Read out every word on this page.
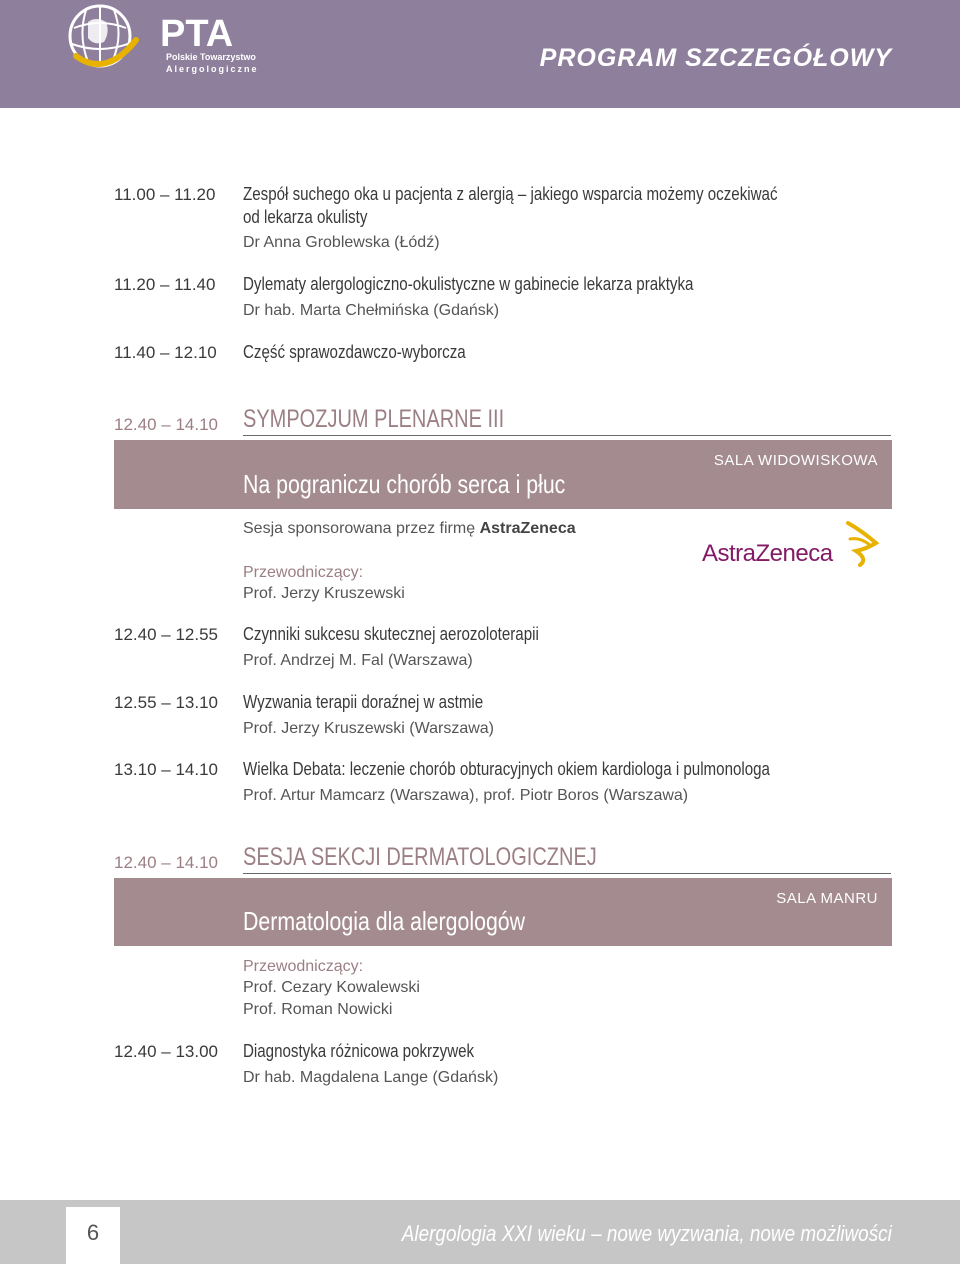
PTA
Polskie Towarzystwo
Alergologiczne	PROGRAM SZCZEGÓŁOWY
11.00 – 11.20 Zespół suchego oka u pacjenta z alergią – jakiego wsparcia możemy oczekiwać
od lekarza okulisty
Dr Anna Groblewska (Łódź)
11.20 – 11.40 Dylematy alergologiczno-okulistyczne w gabinecie lekarza praktyka
Dr hab. Marta Chełmińska (Gdańsk)
11.40 – 12.10 Część sprawozdawczo-wyborcza
12.40 – 14.10 SYMPOZJUM PLENARNE III
Na pograniczu chorób serca i płuc
SALA WIDOWISKOWA
Sesja sponsorowana przez firmę AstraZeneca
AstraZeneca
Przewodniczący:
Prof. Jerzy Kruszewski
12.40 – 12.55 Czynniki sukcesu skutecznej aerozoloterapii
Prof. Andrzej M. Fal (Warszawa)
12.55 – 13.10 Wyzwania terapii doraźnej w astmie
Prof. Jerzy Kruszewski (Warszawa)
13.10 – 14.10 Wielka Debata: leczenie chorób obturacyjnych okiem kardiologa i pulmonologa
Prof. Artur Mamcarz (Warszawa), prof. Piotr Boros (Warszawa)
12.40 – 14.10 SESJA SEKCJI DERMATOLOGICZNEJ
Dermatologia dla alergologów
SALA MANRU
Przewodniczący:
Prof. Cezary Kowalewski
Prof. Roman Nowicki
12.40 – 13.00 Diagnostyka różnicowa pokrzywek
Dr hab. Magdalena Lange (Gdańsk)
6	Alergologia XXI wieku – nowe wyzwania, nowe możliwości
